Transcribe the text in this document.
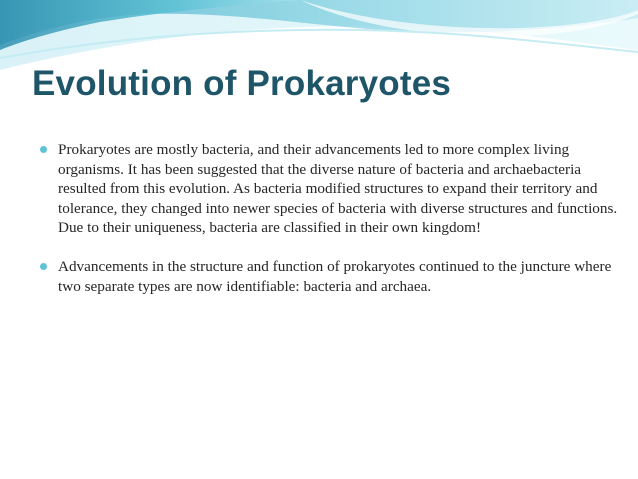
Evolution of Prokaryotes
Prokaryotes are mostly bacteria, and their advancements led to more complex living organisms. It has been suggested that the diverse nature of bacteria and archaebacteria resulted from this evolution. As bacteria modified structures to expand their territory and tolerance, they changed into newer species of bacteria with diverse structures and functions. Due to their uniqueness, bacteria are classified in their own kingdom!
Advancements in the structure and function of prokaryotes continued to the juncture where two separate types are now identifiable: bacteria and archaea.
